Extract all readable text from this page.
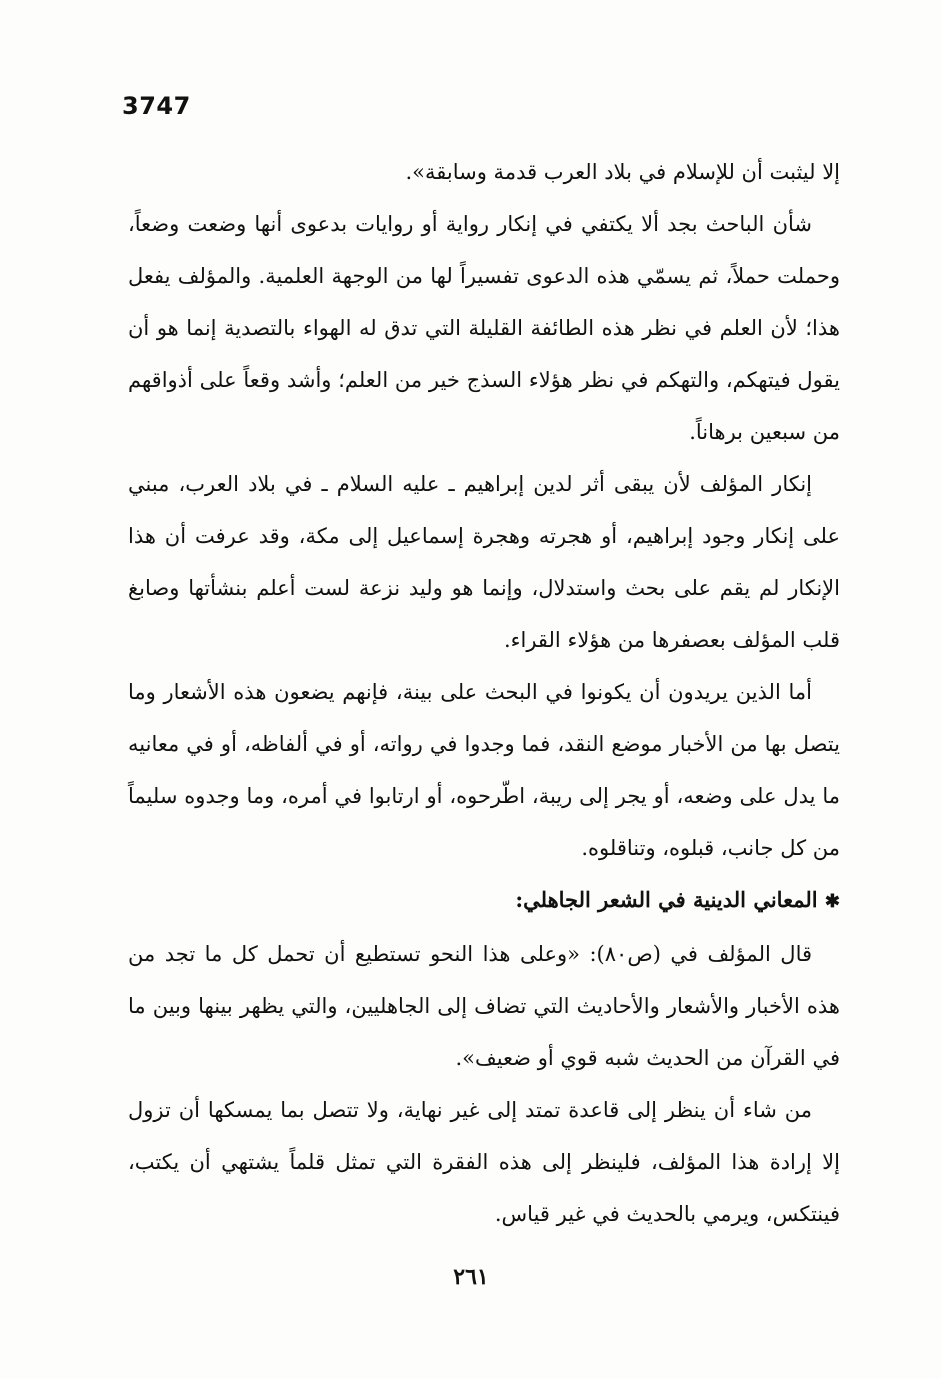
3747

إلا ليثبت أن للإسلام في بلاد العرب قدمة وسابقة».

شأن الباحث بجد ألا يكتفي في إنكار رواية أو روايات بدعوى أنها وضعت وضعاً، وحملت حملاً، ثم يسمّي هذه الدعوى تفسيراً لها من الوجهة العلمية. والمؤلف يفعل هذا؛ لأن العلم في نظر هذه الطائفة القليلة التي تدق له الهواء بالتصدية إنما هو أن يقول فيتهكم، والتهكم في نظر هؤلاء السذج خير من العلم؛ وأشد وقعاً على أذواقهم من سبعين برهاناً.

إنكار المؤلف لأن يبقى أثر لدين إبراهيم ـ عليه السلام ـ في بلاد العرب، مبني على إنكار وجود إبراهيم، أو هجرته وهجرة إسماعيل إلى مكة، وقد عرفت أن هذا الإنكار لم يقم على بحث واستدلال، وإنما هو وليد نزعة لست أعلم بنشأتها وصابغ قلب المؤلف بعصفرها من هؤلاء القراء.

أما الذين يريدون أن يكونوا في البحث على بينة، فإنهم يضعون هذه الأشعار وما يتصل بها من الأخبار موضع النقد، فما وجدوا في رواته، أو في ألفاظه، أو في معانيه ما يدل على وضعه، أو يجر إلى ريبة، اطّرحوه، أو ارتابوا في أمره، وما وجدوه سليماً من كل جانب، قبلوه، وتناقلوه.

✱ المعاني الدينية في الشعر الجاهلي:

قال المؤلف في (ص٨٠): «وعلى هذا النحو تستطيع أن تحمل كل ما تجد من هذه الأخبار والأشعار والأحاديث التي تضاف إلى الجاهليين، والتي يظهر بينها وبين ما في القرآن من الحديث شبه قوي أو ضعيف».

من شاء أن ينظر إلى قاعدة تمتد إلى غير نهاية، ولا تتصل بما يمسكها أن تزول إلا إرادة هذا المؤلف، فلينظر إلى هذه الفقرة التي تمثل قلماً يشتهي أن يكتب، فينتكس، ويرمي بالحديث في غير قياس.

٢٦١
